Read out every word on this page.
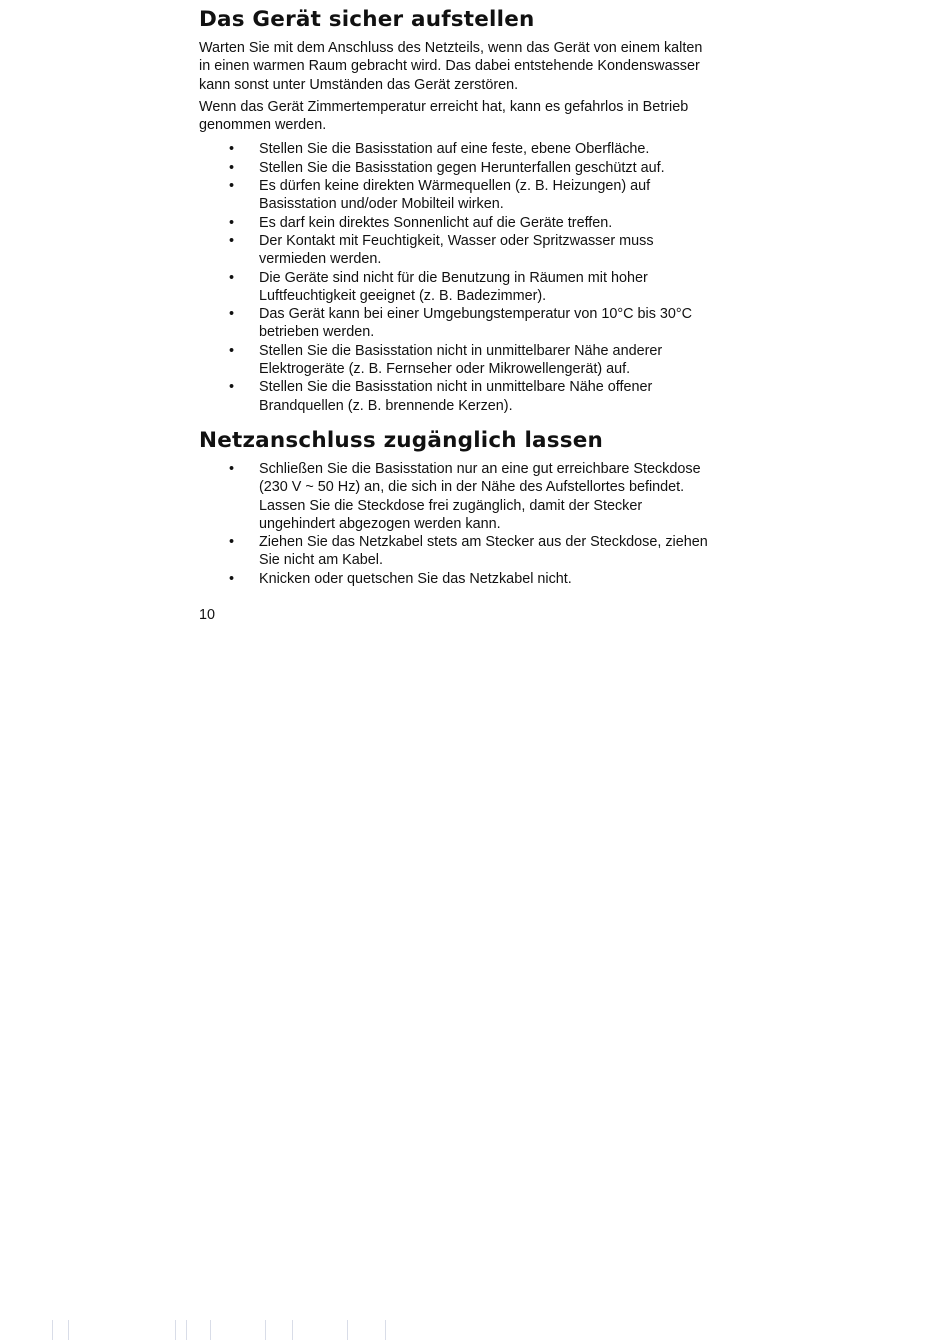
Das Gerät sicher aufstellen

Warten Sie mit dem Anschluss des Netzteils, wenn das Gerät von einem kalten in einen warmen Raum gebracht wird. Das dabei entstehende Kondenswasser kann sonst unter Umständen das Gerät zerstören.

Wenn das Gerät Zimmertemperatur erreicht hat, kann es gefahrlos in Betrieb genommen werden.

• Stellen Sie die Basisstation auf eine feste, ebene Oberfläche.
• Stellen Sie die Basisstation gegen Herunterfallen geschützt auf.
• Es dürfen keine direkten Wärmequellen (z. B. Heizungen) auf Basisstation und/oder Mobilteil wirken.
• Es darf kein direktes Sonnenlicht auf die Geräte treffen.
• Der Kontakt mit Feuchtigkeit, Wasser oder Spritzwasser muss vermieden werden.
• Die Geräte sind nicht für die Benutzung in Räumen mit hoher Luftfeuchtigkeit geeignet (z. B. Badezimmer).
• Das Gerät kann bei einer Umgebungstemperatur von 10°C bis 30°C betrieben werden.
• Stellen Sie die Basisstation nicht in unmittelbarer Nähe anderer Elektrogeräte (z. B. Fernseher oder Mikrowellengerät) auf.
• Stellen Sie die Basisstation nicht in unmittelbare Nähe offener Brandquellen (z. B. brennende Kerzen).
Netzanschluss zugänglich lassen
• Schließen Sie die Basisstation nur an eine gut erreichbare Steckdose (230 V ~ 50 Hz) an, die sich in der Nähe des Aufstellortes befindet. Lassen Sie die Steckdose frei zugänglich, damit der Stecker ungehindert abgezogen werden kann.
• Ziehen Sie das Netzkabel stets am Stecker aus der Steckdose, ziehen Sie nicht am Kabel.
• Knicken oder quetschen Sie das Netzkabel nicht.
10
